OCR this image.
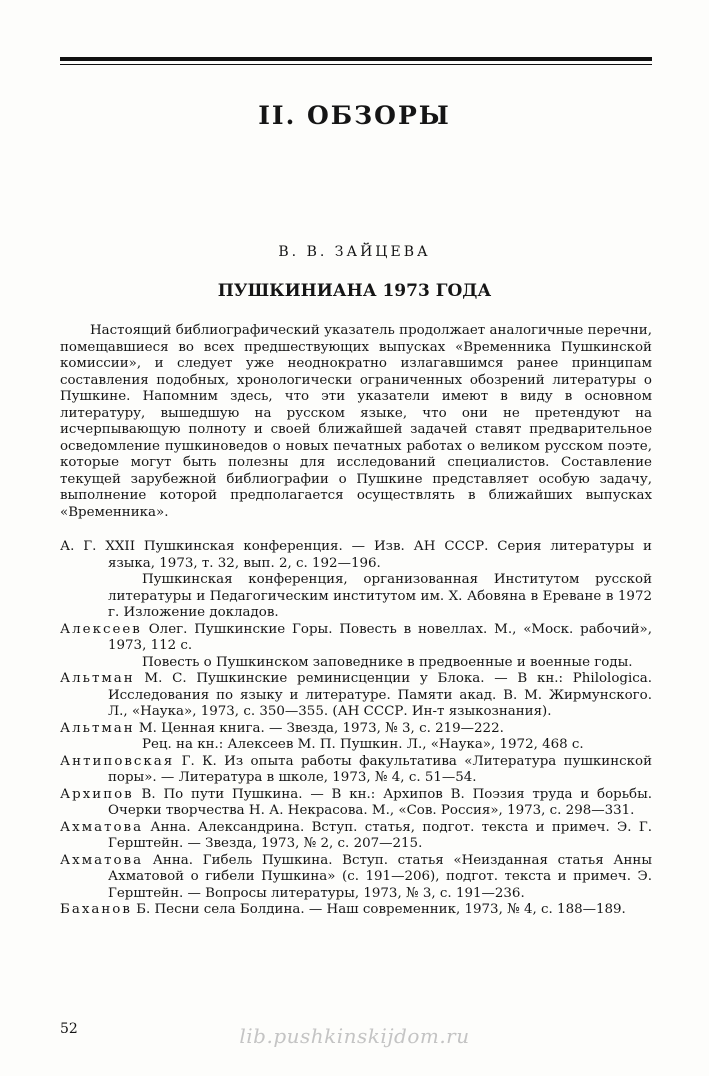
II. ОБЗОРЫ
В. В. ЗАЙЦЕВА
ПУШКИНИАНА 1973 ГОДА

Настоящий библиографический указатель продолжает аналогичные перечни, помещавшиеся во всех предшествующих выпусках «Временника Пушкинской комиссии», и следует уже неоднократно излагавшимся ранее принципам составления подобных, хронологически ограниченных обозрений литературы о Пушкине. Напомним здесь, что эти указатели имеют в виду в основном литературу, вышедшую на русском языке, что они не претендуют на исчерпывающую полноту и своей ближайшей задачей ставят предварительное осведомление пушкиноведов о новых печатных работах о великом русском поэте, которые могут быть полезны для исследований специалистов. Составление текущей зарубежной библиографии о Пушкине представляет особую задачу, выполнение которой предполагается осуществлять в ближайших выпусках «Временника».

А. Г. XXII Пушкинская конференция. — Изв. АН СССР. Серия литературы и языка, 1973, т. 32, вып. 2, с. 192—196.

Пушкинская конференция, организованная Институтом русской литературы и Педагогическим институтом им. Х. Абовяна в Ереване в 1972 г. Изложение докладов.

Алексеев Олег. Пушкинские Горы. Повесть в новеллах. М., «Моск. рабочий», 1973, 112 с.

Повесть о Пушкинском заповеднике в предвоенные и военные годы.

Альтман М. С. Пушкинские реминисценции у Блока. — В кн.: Philologica. Исследования по языку и литературе. Памяти акад. В. М. Жирмунского. Л., «Наука», 1973, с. 350—355. (АН СССР. Ин-т языкознания).

Альтман М. Ценная книга. — Звезда, 1973, № 3, с. 219—222.

Рец. на кн.: Алексеев М. П. Пушкин. Л., «Наука», 1972, 468 с.

Антиповская Г. К. Из опыта работы факультатива «Литература пушкинской поры». — Литература в школе, 1973, № 4, с. 51—54.

Архипов В. По пути Пушкина. — В кн.: Архипов В. Поэзия труда и борьбы. Очерки творчества Н. А. Некрасова. М., «Сов. Россия», 1973, с. 298—331.

Ахматова Анна. Александрина. Вступ. статья, подгот. текста и примеч. Э. Г. Герштейн. — Звезда, 1973, № 2, с. 207—215.

Ахматова Анна. Гибель Пушкина. Вступ. статья «Неизданная статья Анны Ахматовой о гибели Пушкина» (с. 191—206), подгот. текста и примеч. Э. Герштейн. — Вопросы литературы, 1973, № 3, с. 191—236.

Баханов Б. Песни села Болдина. — Наш современник, 1973, № 4, с. 188—189.

52	lib.pushkinskijdom.ru
